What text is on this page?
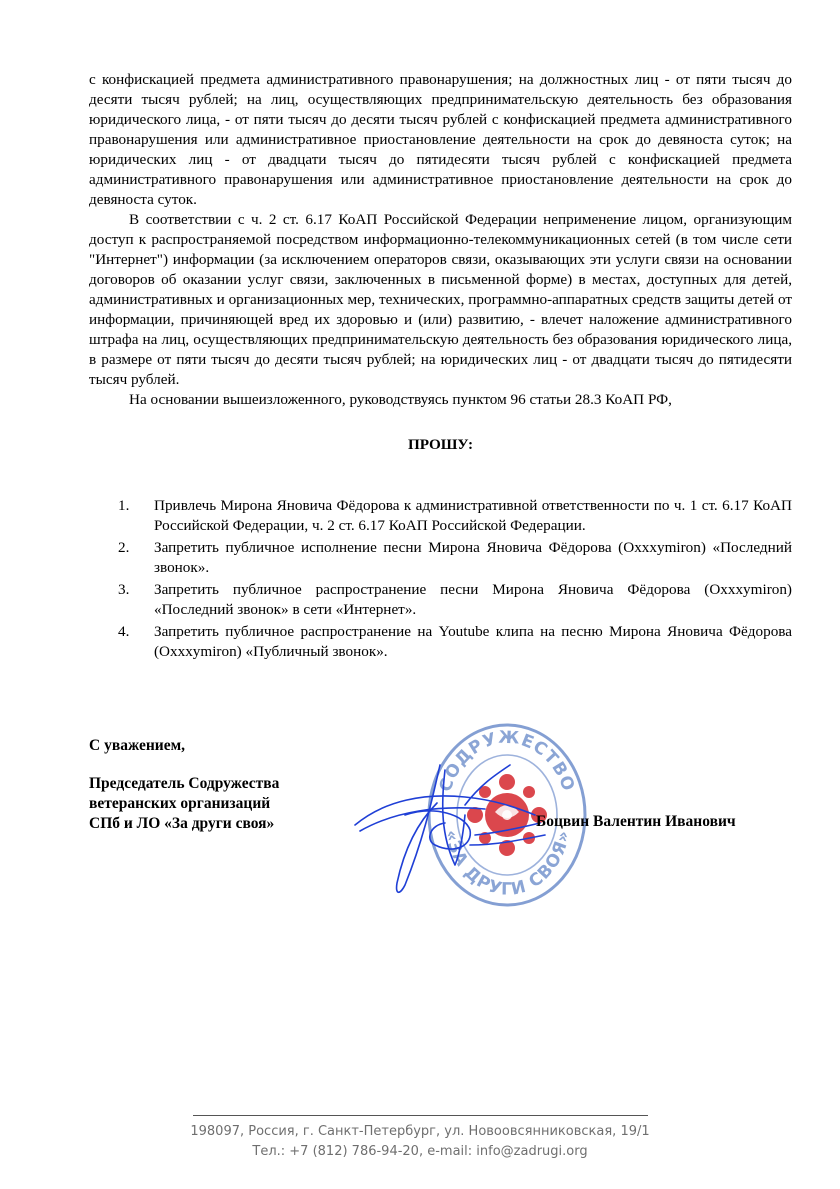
с конфискацией предмета административного правонарушения; на должностных лиц - от пяти тысяч до десяти тысяч рублей; на лиц, осуществляющих предпринимательскую деятельность без образования юридического лица, - от пяти тысяч до десяти тысяч рублей с конфискацией предмета административного правонарушения или административное приостановление деятельности на срок до девяноста суток; на юридических лиц - от двадцати тысяч до пятидесяти тысяч рублей с конфискацией предмета административного правонарушения или административное приостановление деятельности на срок до девяноста суток.

В соответствии с ч. 2 ст. 6.17 КоАП Российской Федерации неприменение лицом, организующим доступ к распространяемой посредством информационно-телекоммуникационных сетей (в том числе сети "Интернет") информации (за исключением операторов связи, оказывающих эти услуги связи на основании договоров об оказании услуг связи, заключенных в письменной форме) в местах, доступных для детей, административных и организационных мер, технических, программно-аппаратных средств защиты детей от информации, причиняющей вред их здоровью и (или) развитию, - влечет наложение административного штрафа на лиц, осуществляющих предпринимательскую деятельность без образования юридического лица, в размере от пяти тысяч до десяти тысяч рублей; на юридических лиц - от двадцати тысяч до пятидесяти тысяч рублей.

На основании вышеизложенного, руководствуясь пунктом 96 статьи 28.3 КоАП РФ,

ПРОШУ:
1.	Привлечь Мирона Яновича Фёдорова к административной ответственности по ч. 1 ст. 6.17 КоАП Российской Федерации, ч. 2 ст. 6.17 КоАП Российской Федерации.
2.	Запретить публичное исполнение песни Мирона Яновича Фёдорова (Oxxxymiron) «Последний звонок».
3.	Запретить публичное распространение песни Мирона Яновича Фёдорова (Oxxxymiron) «Последний звонок» в сети «Интернет».
4.	Запретить публичное распространение на Youtube клипа на песню Мирона Яновича Фёдорова (Oxxxymiron) «Публичный звонок».
С уважением,
Председатель Содружества
ветеранских организаций
СПб и ЛО «За други своя»
СОДРУЖЕСТВО
«ЗА ДРУГИ СВОЯ»
Боцвин Валентин Иванович
198097, Россия, г. Санкт-Петербург, ул. Новоовсянниковская, 19/1
Тел.: +7 (812) 786-94-20, e-mail: info@zadrugi.org
